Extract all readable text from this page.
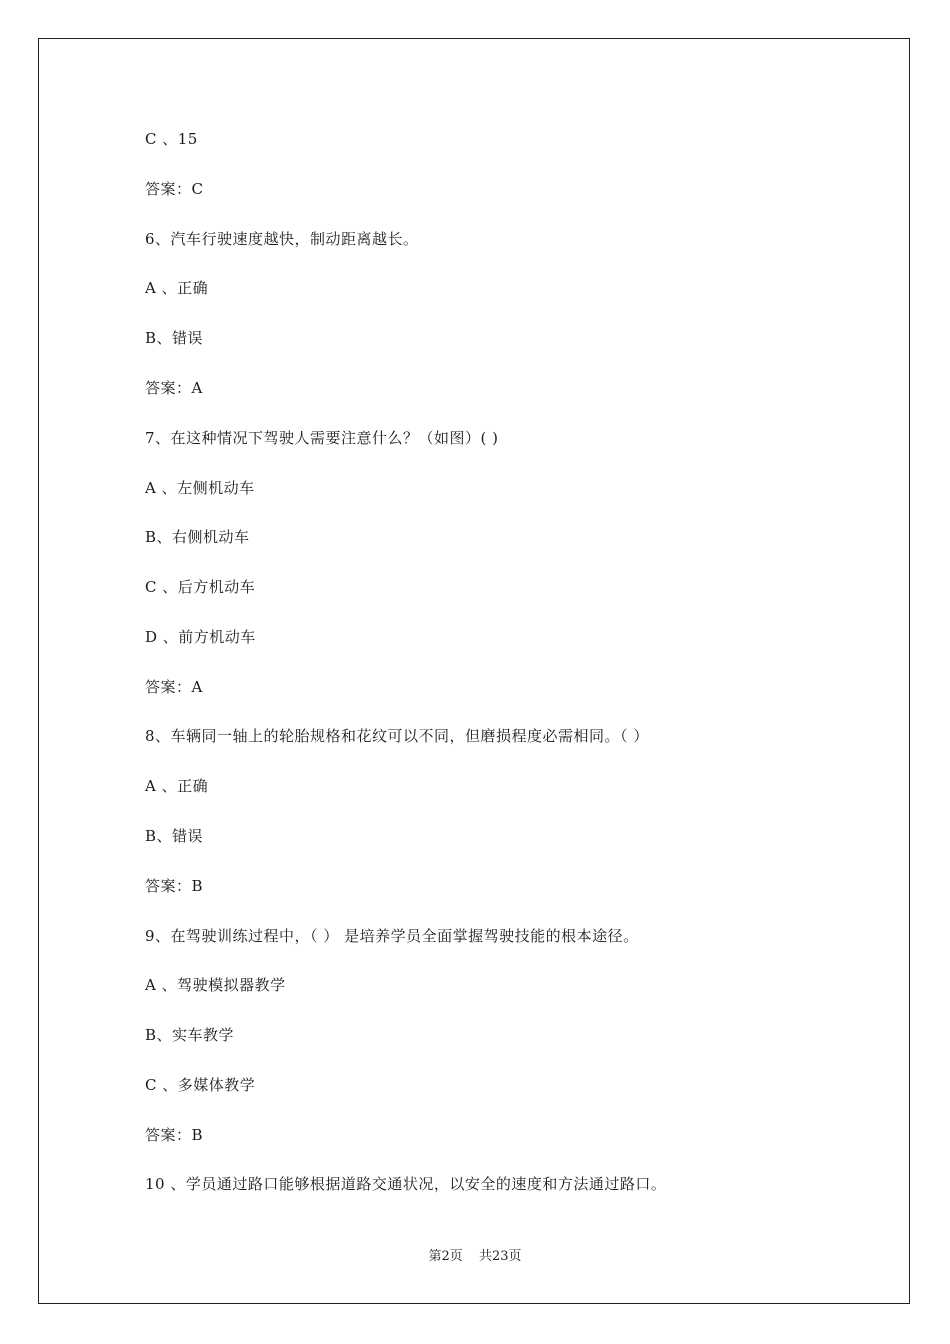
C 、15
答案：C
6、汽车行驶速度越快，制动距离越长。
A 、正确
B、错误
答案：A
7、在这种情况下驾驶人需要注意什么？（如图）( )
A 、左侧机动车
B、右侧机动车
C 、后方机动车
D 、前方机动车
答案：A
8、车辆同一轴上的轮胎规格和花纹可以不同，但磨损程度必需相同。（ ）
A 、正确
B、错误
答案：B
9、在驾驶训练过程中，（ ） 是培养学员全面掌握驾驶技能的根本途径。
A 、驾驶模拟器教学
B、实车教学
C 、多媒体教学
答案：B
10 、学员通过路口能够根据道路交通状况，以安全的速度和方法通过路口。
第2页 共23页
